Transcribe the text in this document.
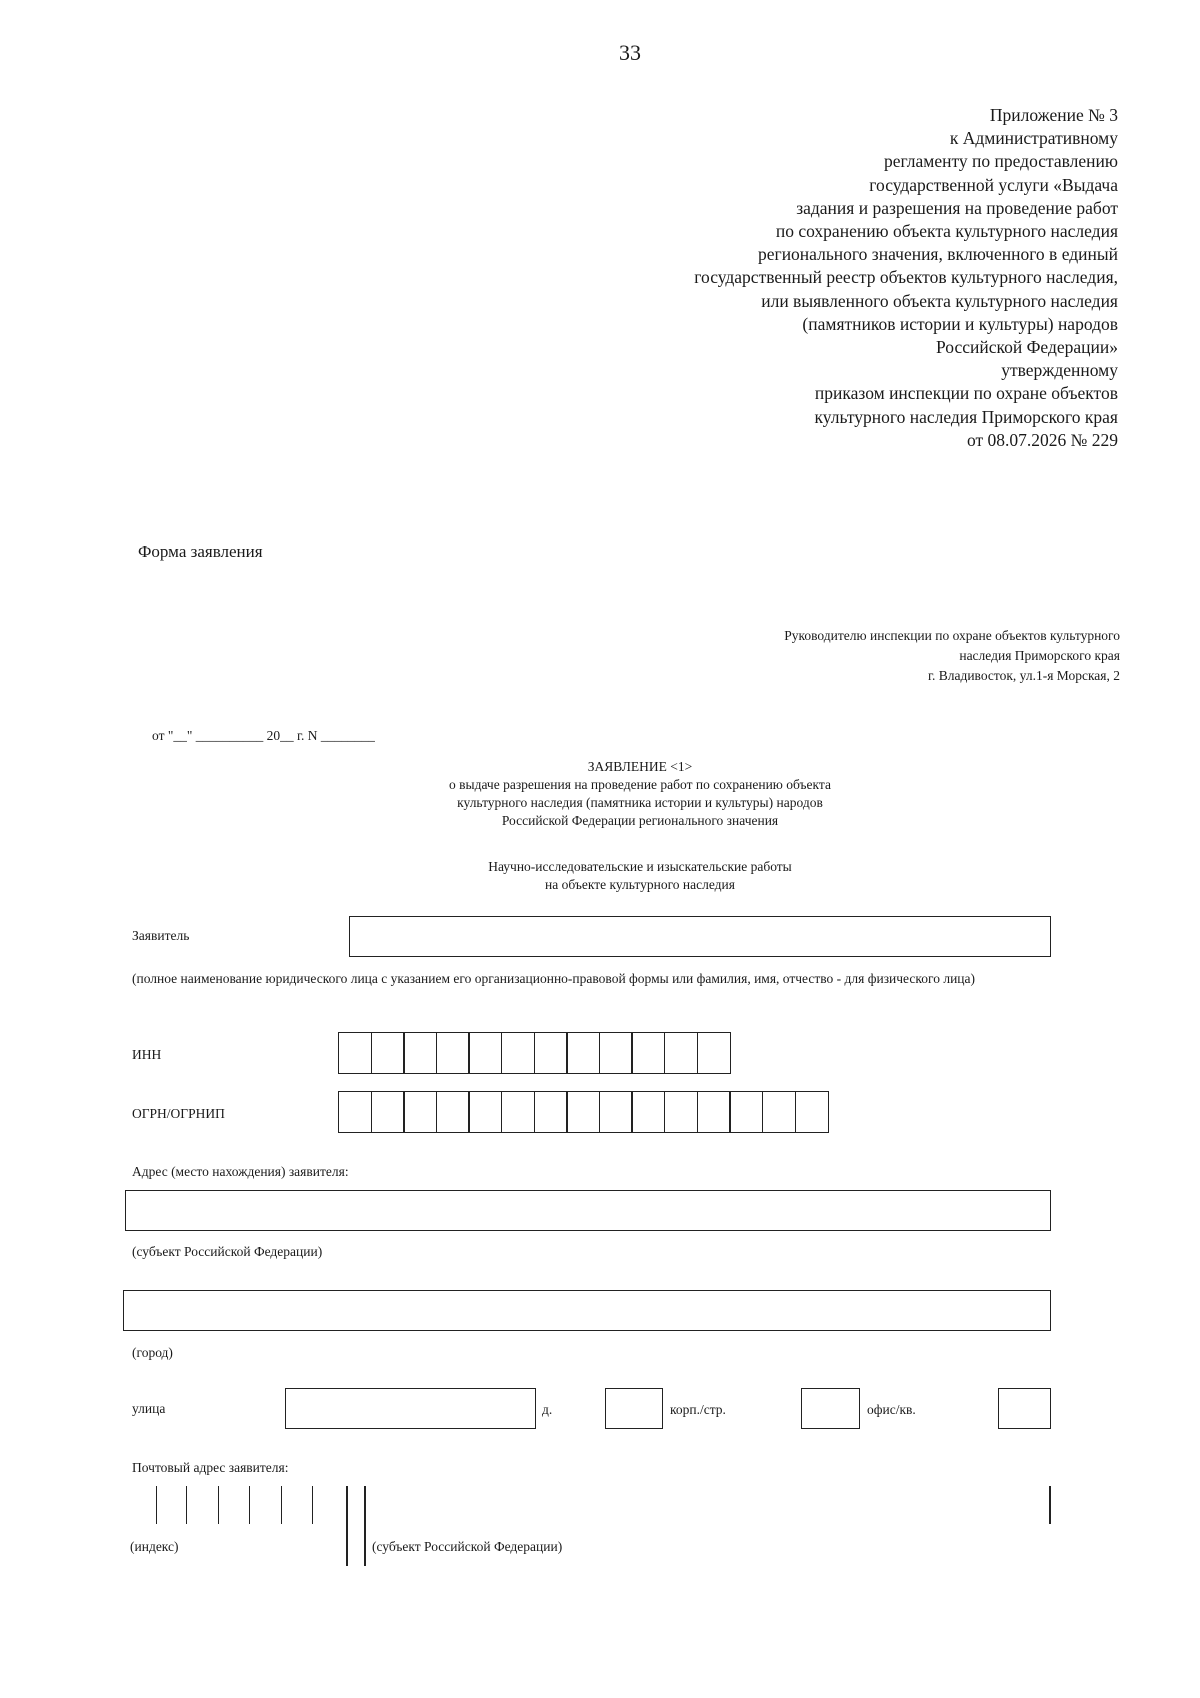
33
Приложение № 3
к Административному
регламенту по предоставлению
государственной услуги «Выдача
задания и разрешения на проведение работ
по сохранению объекта культурного наследия
регионального значения, включенного в единый
государственный реестр объектов культурного наследия,
или выявленного объекта культурного наследия
(памятников истории и культуры) народов
Российской Федерации»
утвержденному
приказом инспекции по охране объектов
культурного наследия Приморского края
от 08.07.2026 № 229
Форма заявления
Руководителю инспекции по охране объектов культурного
наследия Приморского края
г. Владивосток, ул.1-я Морская, 2
от "__" __________ 20__ г. N ________
ЗАЯВЛЕНИЕ <1>
о выдаче разрешения на проведение работ по сохранению объекта
культурного наследия (памятника истории и культуры) народов
Российской Федерации регионального значения
Научно-исследовательские и изыскательские работы
на объекте культурного наследия
Заявитель
(полное наименование юридического лица с указанием его организационно-правовой формы или фамилия, имя, отчество - для физического лица)
ИНН
ОГРН/ОГРНИП
Адрес (место нахождения) заявителя:
(субъект Российской Федерации)
(город)
улица	д.	корп./стр.	офис/кв.
Почтовый адрес заявителя:
(индекс)	(субъект Российской Федерации)
